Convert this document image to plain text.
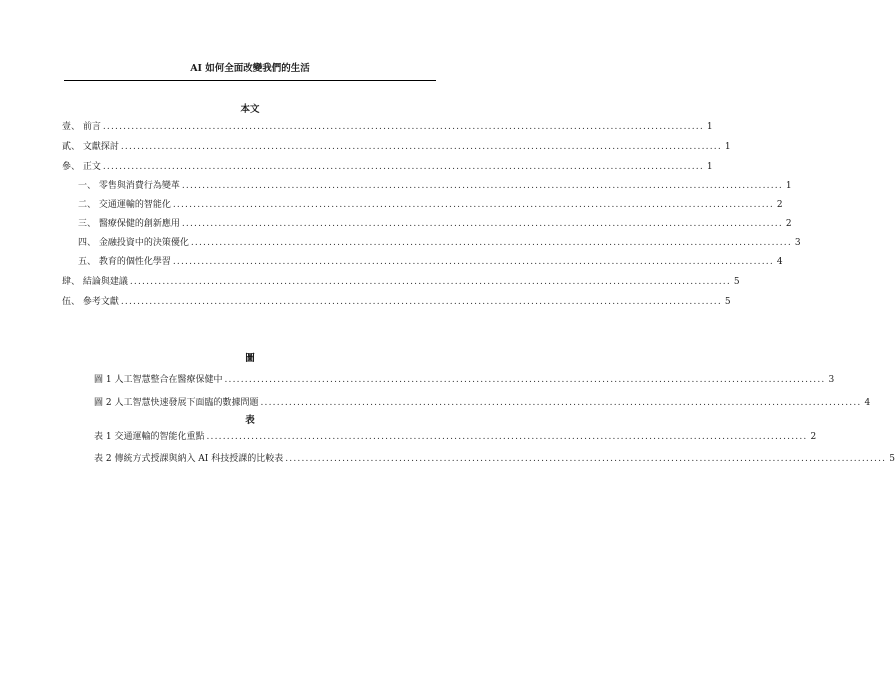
AI 如何全面改變我們的生活
本文
壹、 前言 .................................................................................................................................................... 1
貳、 文獻探討 .................................................................................................................................................... 1
參、 正文 .................................................................................................................................................... 1
一、 零售與消費行為變革 .................................................................................................................................................... 1
二、 交通運輸的智能化 .................................................................................................................................................... 2
三、 醫療保健的創新應用 .................................................................................................................................................... 2
四、 金融投資中的決策優化 .................................................................................................................................................... 3
五、 教育的個性化學習 .................................................................................................................................................... 4
肆、 結論與建議 .................................................................................................................................................... 5
伍、 參考文獻 .................................................................................................................................................... 5
圖
圖 1 人工智慧整合在醫療保健中 .................................................................................................................................................... 3
圖 2 人工智慧快速發展下面臨的數據問題 .................................................................................................................................................... 4
表
表 1 交通運輸的智能化重點 .................................................................................................................................................... 2
表 2 傳統方式授課與納入 AI 科技授課的比較表 .................................................................................................................................................... 5
